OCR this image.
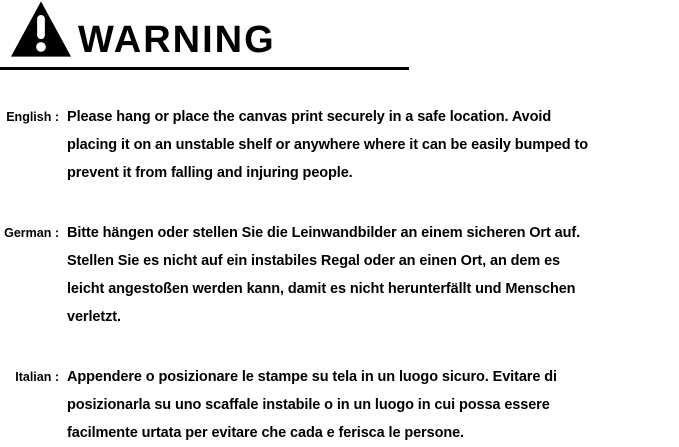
WARNING
English : Please hang or place the canvas print securely in a safe location. Avoid
placing it on an unstable shelf or anywhere where it can be easily bumped to
prevent it from falling and injuring people.
German : Bitte hängen oder stellen Sie die Leinwandbilder an einem sicheren Ort auf.
Stellen Sie es nicht auf ein instabiles Regal oder an einen Ort, an dem es
leicht angestoßen werden kann, damit es nicht herunterfällt und Menschen
verletzt.
Italian : Appendere o posizionare le stampe su tela in un luogo sicuro. Evitare di
posizionarla su uno scaffale instabile o in un luogo in cui possa essere
facilmente urtata per evitare che cada e ferisca le persone.
